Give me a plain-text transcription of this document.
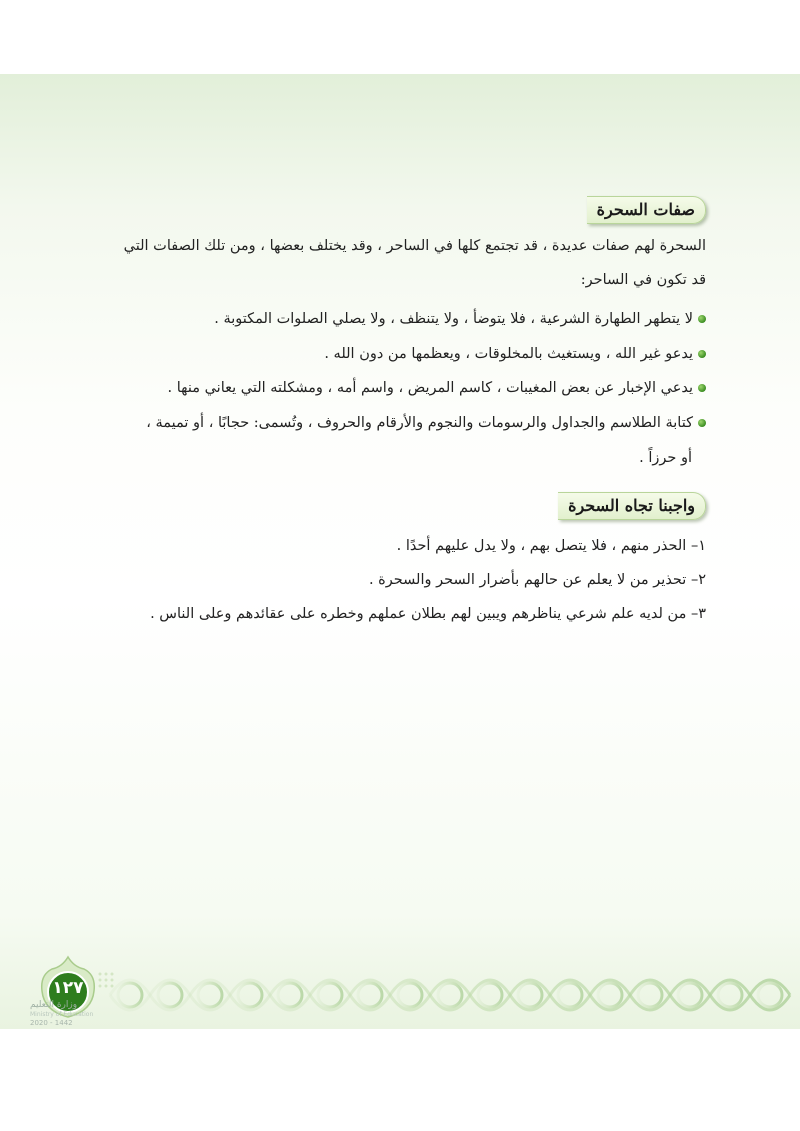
صفات السحرة
السحرة لهم صفات عديدة ، قد تجتمع كلها في الساحر ، وقد يختلف بعضها ، ومن تلك الصفات التي
قد تكون في الساحر:
لا يتطهر الطهارة الشرعية ، فلا يتوضأ ، ولا يتنظف ، ولا يصلي الصلوات المكتوبة .
يدعو غير الله ، ويستغيث بالمخلوقات ، ويعظمها من دون الله .
يدعي الإخبار عن بعض المغيبات ، كاسم المريض ، واسم أمه ، ومشكلته التي يعاني منها .
كتابة الطلاسم والجداول والرسومات والنجوم والأرقام والحروف ، وتُسمى: حجابًا ، أو تميمة ،
أو حرزاً .
واجبنا تجاه السحرة
١– الحذر منهم ، فلا يتصل بهم ، ولا يدل عليهم أحدًا .
٢– تحذير من لا يعلم عن حالهم بأضرار السحر والسحرة .
٣– من لديه علم شرعي يناظرهم ويبين لهم بطلان عملهم وخطره على عقائدهم وعلى الناس .
١٢٧
وزارة التعليم
Ministry of Education
2020 - 1442
